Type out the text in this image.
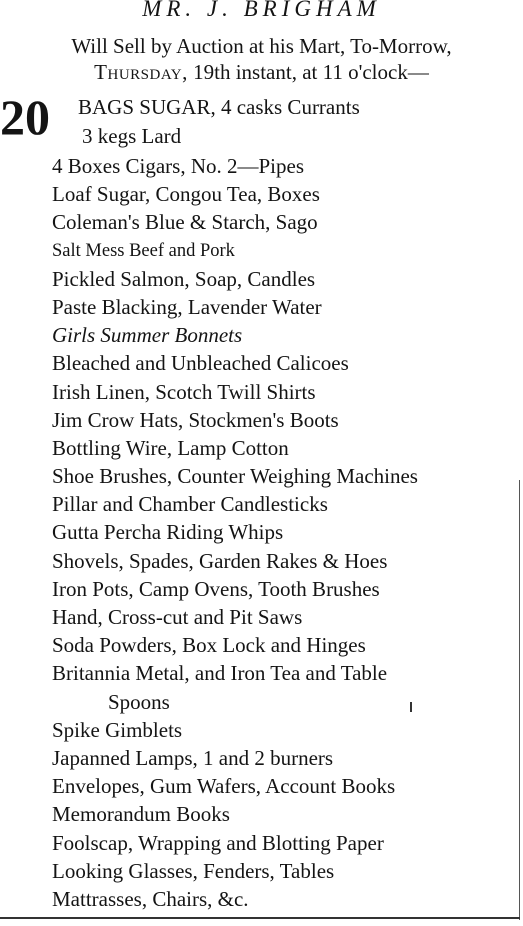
MR. J. BRIGHAM
Will Sell by Auction at his Mart, To-Morrow,
Thursday, 19th instant, at 11 o'clock—
20 BAGS SUGAR, 4 casks Currants
3 kegs Lard
4 Boxes Cigars, No. 2—Pipes
Loaf Sugar, Congou Tea, Boxes
Coleman's Blue & Starch, Sago
Salt Mess Beef and Pork
Pickled Salmon, Soap, Candles
Paste Blacking, Lavender Water
Girls Summer Bonnets
Bleached and Unbleached Calicoes
Irish Linen, Scotch Twill Shirts
Jim Crow Hats, Stockmen's Boots
Bottling Wire, Lamp Cotton
Shoe Brushes, Counter Weighing Machines
Pillar and Chamber Candlesticks
Gutta Percha Riding Whips
Shovels, Spades, Garden Rakes & Hoes
Iron Pots, Camp Ovens, Tooth Brushes
Hand, Cross-cut and Pit Saws
Soda Powders, Box Lock and Hinges
Britannia Metal, and Iron Tea and Table
Spoons
Spike Gimblets
Japanned Lamps, 1 and 2 burners
Envelopes, Gum Wafers, Account Books
Memorandum Books
Foolscap, Wrapping and Blotting Paper
Looking Glasses, Fenders, Tables
Mattrasses, Chairs, &c.
